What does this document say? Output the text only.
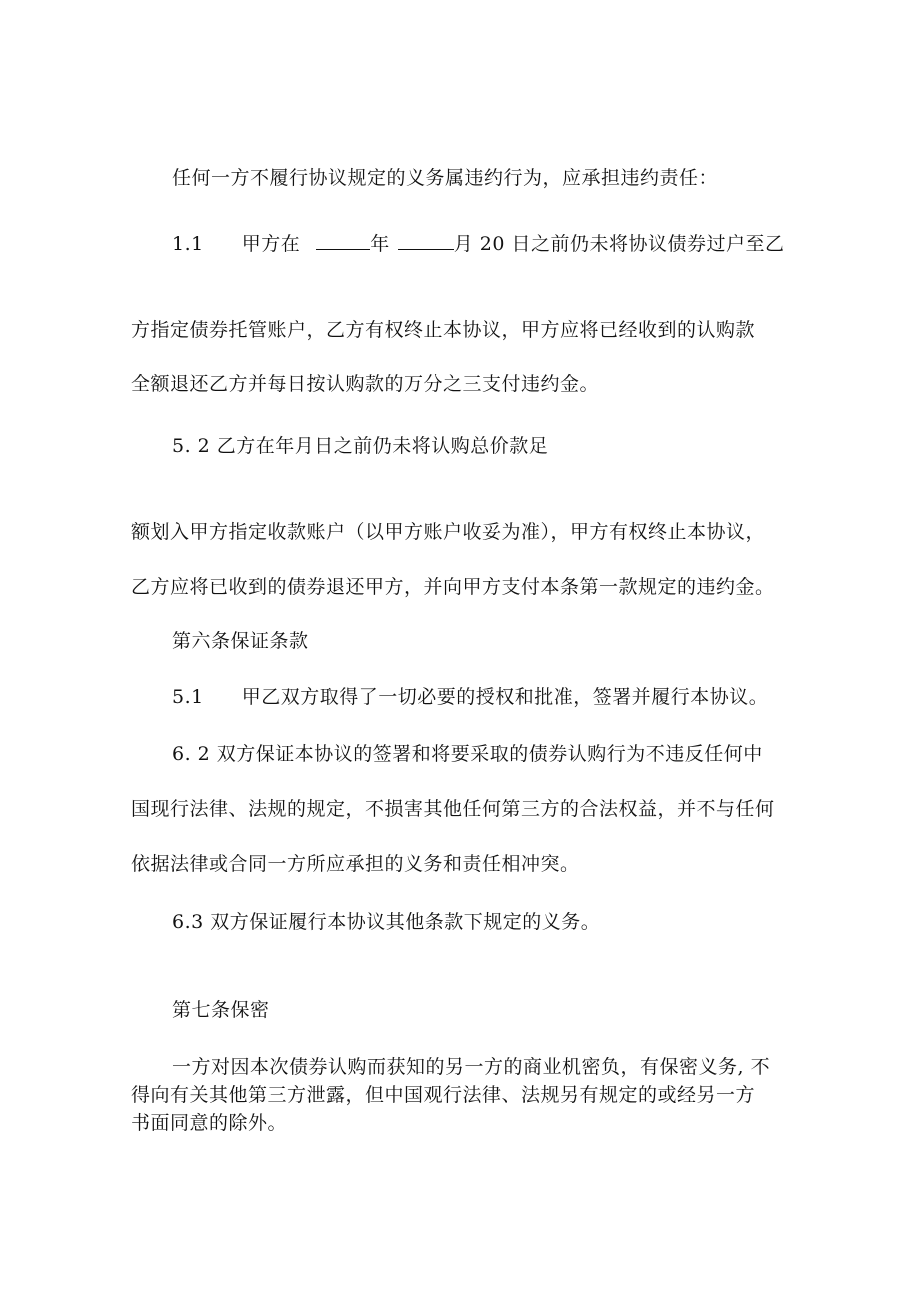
任何一方不履行协议规定的义务属违约行为，应承担违约责任：

1.1 甲方在	年	月 20 日之前仍未将协议债券过户至乙

方指定债券托管账户，乙方有权终止本协议，甲方应将已经收到的认购款

全额退还乙方并每日按认购款的万分之三支付违约金。

5. 2 乙方在年月日之前仍未将认购总价款足

额划入甲方指定收款账户（以甲方账户收妥为准），甲方有权终止本协议，

乙方应将已收到的债券退还甲方，并向甲方支付本条第一款规定的违约金。

第六条保证条款

5.1 甲乙双方取得了一切必要的授权和批准，签署并履行本协议。

6. 2 双方保证本协议的签署和将要采取的债券认购行为不违反任何中

国现行法律、法规的规定，不损害其他任何第三方的合法权益，并不与任何

依据法律或合同一方所应承担的义务和责任相冲突。

6.3 双方保证履行本协议其他条款下规定的义务。

第七条保密

一方对因本次债券认购而获知的另一方的商业机密负，有保密义务, 不

得向有关其他第三方泄露，但中国观行法律、法规另有规定的或经另一方

书面同意的除外。
